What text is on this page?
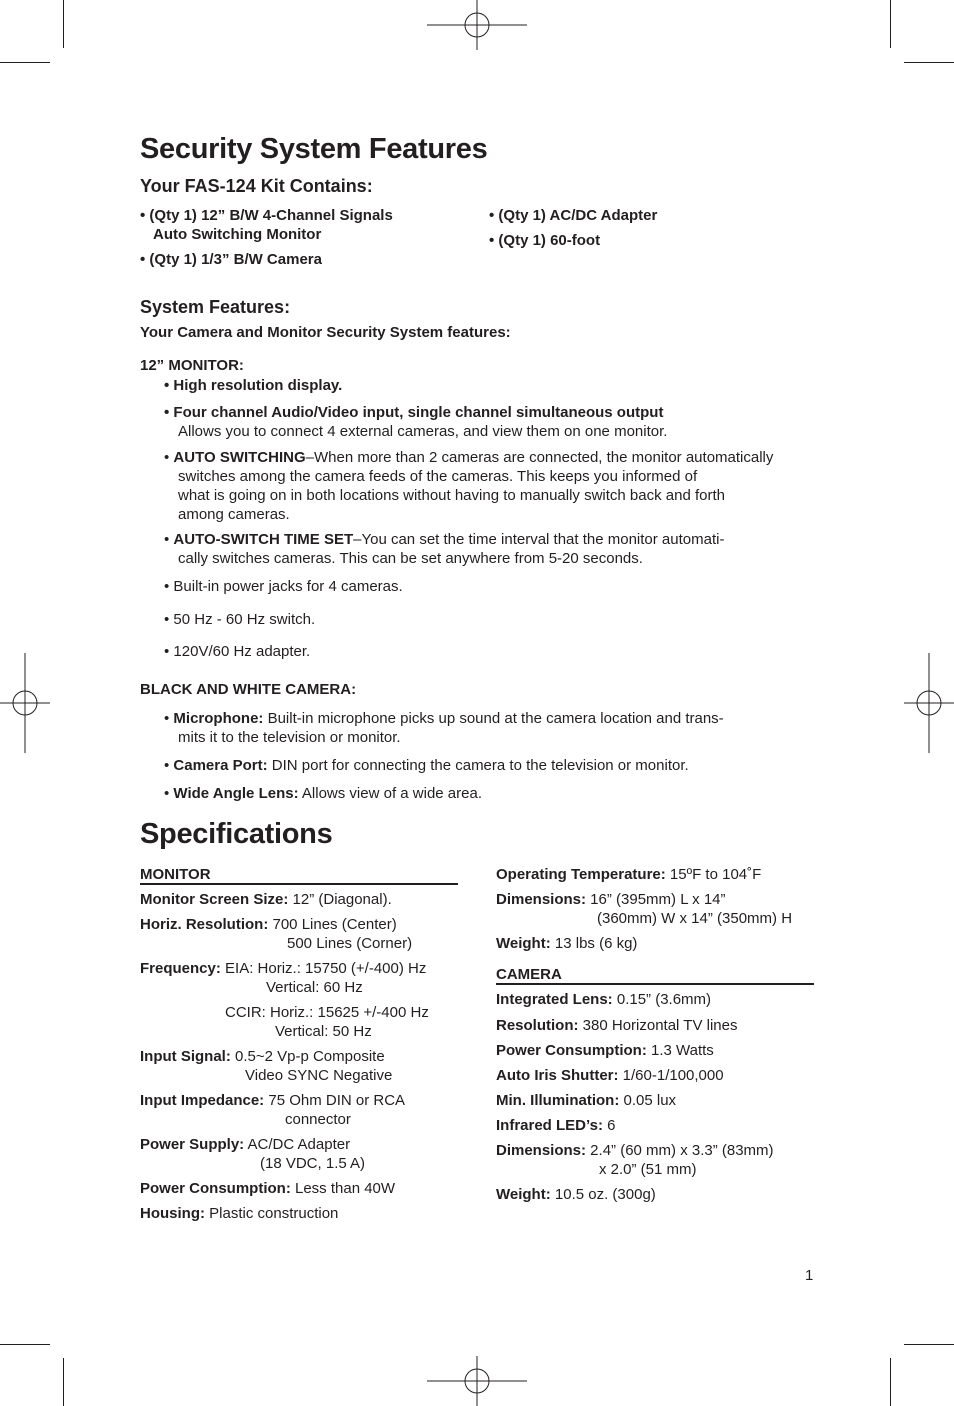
Security System Features
Your FAS-124 Kit Contains:
• (Qty 1) 12” B/W 4-Channel Signals
Auto Switching Monitor
• (Qty 1) 1/3” B/W Camera
• (Qty 1) AC/DC Adapter
• (Qty 1) 60-foot
System Features:
Your Camera and Monitor Security System features:
12” MONITOR:
• High resolution display.
• Four channel Audio/Video input, single channel simultaneous output
Allows you to connect 4 external cameras, and view them on one monitor.
• AUTO SWITCHING–When more than 2 cameras are connected, the monitor automatically
switches among the camera feeds of the cameras. This keeps you informed of
what is going on in both locations without having to manually switch back and forth
among cameras.
• AUTO-SWITCH TIME SET–You can set the time interval that the monitor automati-
cally switches cameras. This can be set anywhere from 5-20 seconds.
• Built-in power jacks for 4 cameras.
• 50 Hz - 60 Hz switch.
• 120V/60 Hz adapter.
BLACK AND WHITE CAMERA:
• Microphone: Built-in microphone picks up sound at the camera location and trans-
mits it to the television or monitor.
• Camera Port: DIN port for connecting the camera to the television or monitor.
• Wide Angle Lens: Allows view of a wide area.
Specifications
MONITOR
Monitor Screen Size: 12” (Diagonal).
Horiz. Resolution: 700 Lines (Center)
500 Lines (Corner)
Frequency: EIA: Horiz.: 15750 (+/-400) Hz
Vertical: 60 Hz
CCIR: Horiz.: 15625 +/-400 Hz
Vertical: 50 Hz
Input Signal: 0.5~2 Vp-p Composite
Video SYNC Negative
Input Impedance: 75 Ohm DIN or RCA
connector
Power Supply: AC/DC Adapter
(18 VDC, 1.5 A)
Power Consumption: Less than 40W
Housing: Plastic construction
Operating Temperature: 15ºF to 104˚F
Dimensions: 16” (395mm) L x 14”
(360mm) W x 14” (350mm) H
Weight: 13 lbs (6 kg)
CAMERA
Integrated Lens: 0.15” (3.6mm)
Resolution: 380 Horizontal TV lines
Power Consumption: 1.3 Watts
Auto Iris Shutter: 1/60-1/100,000
Min. Illumination: 0.05 lux
Infrared LED’s: 6
Dimensions: 2.4” (60 mm) x 3.3” (83mm)
x 2.0” (51 mm)
Weight: 10.5 oz. (300g)
1
